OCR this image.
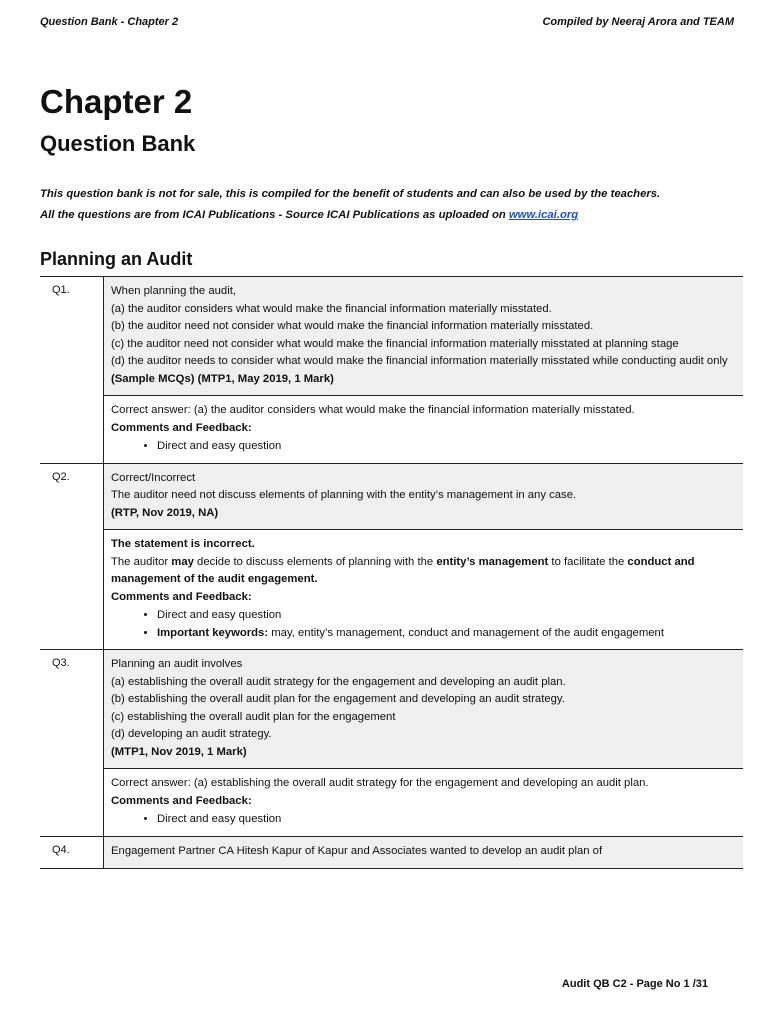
Question Bank - Chapter 2	Compiled by Neeraj Arora and TEAM
Chapter 2
Question Bank
This question bank is not for sale, this is compiled for the benefit of students and can also be used by the teachers.
All the questions are from ICAI Publications - Source ICAI Publications as uploaded on www.icai.org
Planning an Audit
Q1.	When planning the audit,

(a) the auditor considers what would make the financial information materially misstated.

(b) the auditor need not consider what would make the financial information materially misstated.

(c) the auditor need not consider what would make the financial information materially misstated at planning stage

(d) the auditor needs to consider what would make the financial information materially misstated while conducting audit only

(Sample MCQs) (MTP1, May 2019, 1 Mark)

Correct answer: (a) the auditor considers what would make the financial information materially misstated.

Comments and Feedback:

• Direct and easy question
Q2.	Correct/Incorrect

The auditor need not discuss elements of planning with the entity’s management in any case.

(RTP, Nov 2019, NA)

The statement is incorrect.

The auditor may decide to discuss elements of planning with the entity’s management to facilitate the conduct and management of the audit engagement.

Comments and Feedback:

• Direct and easy question
• Important keywords: may, entity’s management, conduct and management of the audit engagement
Q3.	Planning an audit involves

(a) establishing the overall audit strategy for the engagement and developing an audit plan.

(b) establishing the overall audit plan for the engagement and developing an audit strategy.

(c) establishing the overall audit plan for the engagement

(d) developing an audit strategy.

(MTP1, Nov 2019, 1 Mark)

Correct answer: (a) establishing the overall audit strategy for the engagement and developing an audit plan.

Comments and Feedback:

• Direct and easy question
Q4.	Engagement Partner CA Hitesh Kapur of Kapur and Associates wanted to develop an audit plan of

Audit QB C2 - Page No 1 /31
